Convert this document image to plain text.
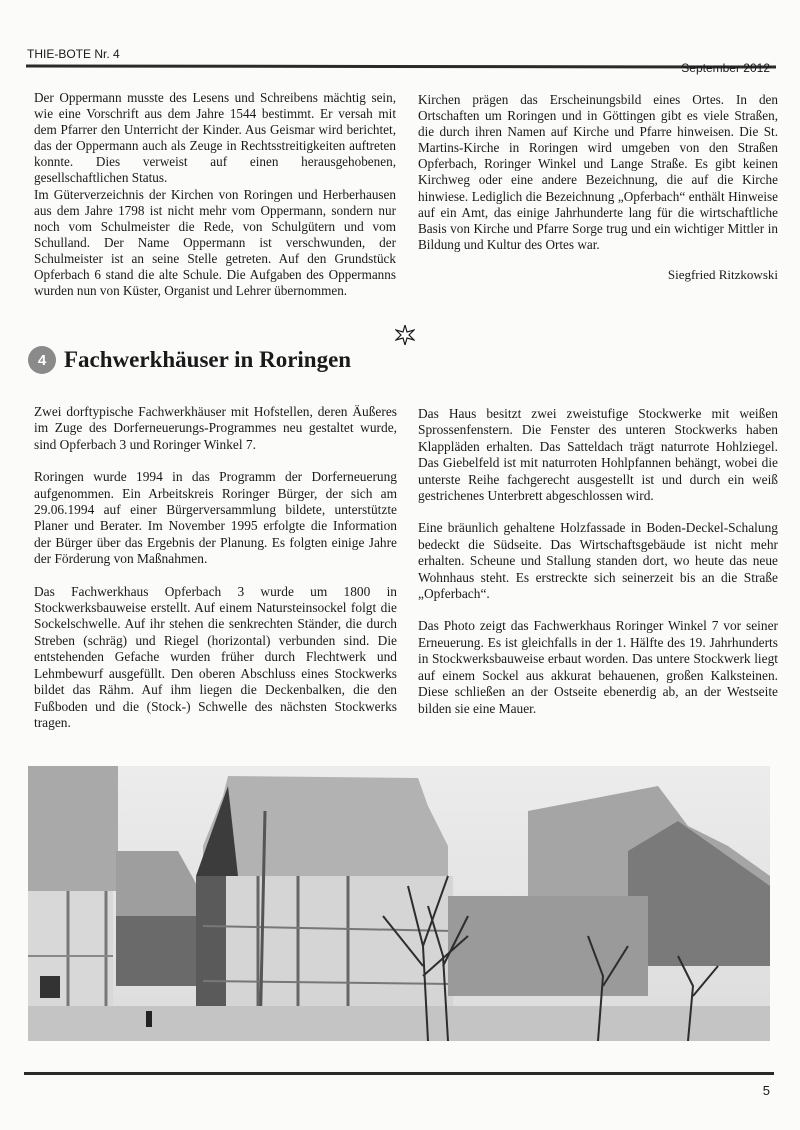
THIE-BOTE Nr. 4
September 2012

Der Oppermann musste des Lesens und Schreibens mächtig sein, wie eine Vorschrift aus dem Jahre 1544 bestimmt. Er versah mit dem Pfarrer den Unterricht der Kinder. Aus Geismar wird berichtet, das der Oppermann auch als Zeuge in Rechtsstreitigkeiten auftreten konnte. Dies verweist auf einen herausgehobenen, gesellschaftlichen Status.

Im Güterverzeichnis der Kirchen von Roringen und Herberhausen aus dem Jahre 1798 ist nicht mehr vom Oppermann, sondern nur noch vom Schulmeister die Rede, von Schulgütern und vom Schulland. Der Name Oppermann ist verschwunden, der Schulmeister ist an seine Stelle getreten. Auf den Grundstück Opferbach 6 stand die alte Schule. Die Aufgaben des Oppermanns wurden nun von Küster, Organist und Lehrer übernommen.

Kirchen prägen das Erscheinungsbild eines Ortes. In den Ortschaften um Roringen und in Göttingen gibt es viele Straßen, die durch ihren Namen auf Kirche und Pfarre hinweisen. Die St. Martins-Kirche in Roringen wird umgeben von den Straßen Opferbach, Roringer Winkel und Lange Straße. Es gibt keinen Kirchweg oder eine andere Bezeichnung, die auf die Kirche hinwiese. Lediglich die Bezeichnung „Opferbach“ enthält Hinweise auf ein Amt, das einige Jahrhunderte lang für die wirtschaftliche Basis von Kirche und Pfarre Sorge trug und ein wichtiger Mittler in Bildung und Kultur des Ortes war.

Siegfried Ritzkowski

4 Fachwerkhäuser in Roringen

Zwei dorftypische Fachwerkhäuser mit Hofstellen, deren Äußeres im Zuge des Dorferneuerungs-Programmes neu gestaltet wurde, sind Opferbach 3 und Roringer Winkel 7.

Roringen wurde 1994 in das Programm der Dorferneuerung aufgenommen. Ein Arbeitskreis Roringer Bürger, der sich am 29.06.1994 auf einer Bürgerversammlung bildete, unterstützte Planer und Berater. Im November 1995 erfolgte die Information der Bürger über das Ergebnis der Planung. Es folgten einige Jahre der Förderung von Maßnahmen.

Das Fachwerkhaus Opferbach 3 wurde um 1800 in Stockwerksbauweise erstellt. Auf einem Natursteinsockel folgt die Sockelschwelle. Auf ihr stehen die senkrechten Ständer, die durch Streben (schräg) und Riegel (horizontal) verbunden sind. Die entstehenden Gefache wurden früher durch Flechtwerk und Lehmbewurf ausgefüllt. Den oberen Abschluss eines Stockwerks bildet das Rähm. Auf ihm liegen die Deckenbalken, die den Fußboden und die (Stock-) Schwelle des nächsten Stockwerks tragen.

Das Haus besitzt zwei zweistufige Stockwerke mit weißen Sprossenfenstern. Die Fenster des unteren Stockwerks haben Klappläden erhalten. Das Satteldach trägt naturrote Hohlziegel. Das Giebelfeld ist mit naturroten Hohlpfannen behängt, wobei die unterste Reihe fachgerecht ausgestellt ist und durch ein weiß gestrichenes Unterbrett abgeschlossen wird.

Eine bräunlich gehaltene Holzfassade in Boden-Deckel-Schalung bedeckt die Südseite. Das Wirtschaftsgebäude ist nicht mehr erhalten. Scheune und Stallung standen dort, wo heute das neue Wohnhaus steht. Es erstreckte sich seinerzeit bis an die Straße „Opferbach“.

Das Photo zeigt das Fachwerkhaus Roringer Winkel 7 vor seiner Erneuerung. Es ist gleichfalls in der 1. Hälfte des 19. Jahrhunderts in Stockwerksbauweise erbaut worden. Das untere Stockwerk liegt auf einem Sockel aus akkurat behauenen, großen Kalksteinen. Diese schließen an der Ostseite ebenerdig ab, an der Westseite bilden sie eine Mauer.

5
